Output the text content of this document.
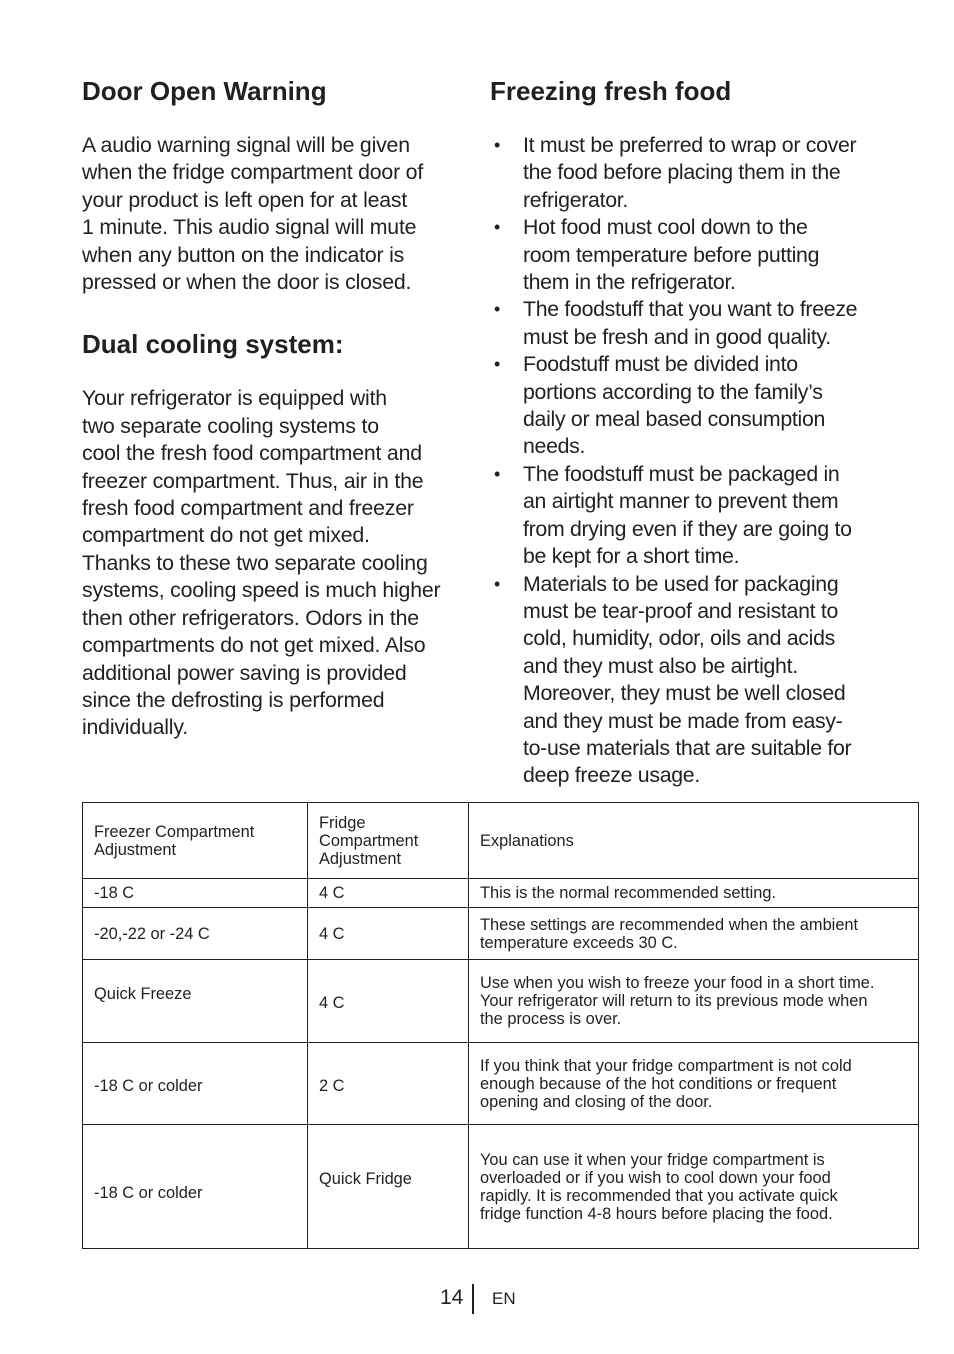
Door Open Warning

A audio warning signal will be given
when the fridge compartment door of
your product is left open for at least
1 minute. This audio signal will mute
when any button on the indicator is
pressed or when the door is closed.

Dual cooling system:

Your refrigerator is equipped with
two separate cooling systems to
cool the fresh food compartment and
freezer compartment. Thus, air in the
fresh food compartment and freezer
compartment do not get mixed.
Thanks to these two separate cooling
systems, cooling speed is much higher
then other refrigerators. Odors in the
compartments do not get mixed. Also
additional power saving is provided
since the defrosting is performed
individually.

Freezing fresh food
• It must be preferred to wrap or cover
the food before placing them in the
refrigerator.
• Hot food must cool down to the
room temperature before putting
them in the refrigerator.
• The foodstuff that you want to freeze
must be fresh and in good quality.
• Foodstuff must be divided into
portions according to the family’s
daily or meal based consumption
needs.
• The foodstuff must be packaged in
an airtight manner to prevent them
from drying even if they are going to
be kept for a short time.
• Materials to be used for packaging
must be tear-proof and resistant to
cold, humidity, odor, oils and acids
and they must also be airtight.
Moreover, they must be well closed
and they must be made from easy-
to-use materials that are suitable for
deep freeze usage.
Freezer Compartment
Adjustment	Fridge
Compartment
Adjustment	Explanations
-18 C	4 C	This is the normal recommended setting.
-20,-22 or -24 C	4 C	These settings are recommended when the ambient
temperature exceeds 30 C.
Quick Freeze	4 C	Use when you wish to freeze your food in a short time.
Your refrigerator will return to its previous mode when
the process is over.
-18 C or colder	2 C	If you think that your fridge compartment is not cold
enough because of the hot conditions or frequent
opening and closing of the door.
-18 C or colder	Quick Fridge	You can use it when your fridge compartment is
overloaded or if you wish to cool down your food
rapidly. It is recommended that you activate quick
fridge function 4-8 hours before placing the food.
14 EN
